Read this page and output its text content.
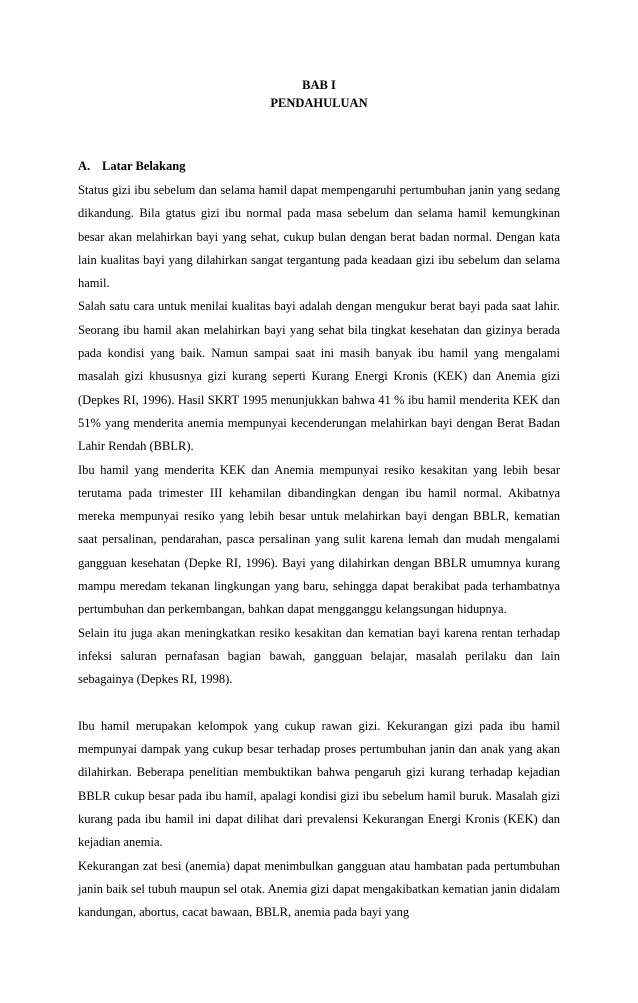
BAB I
PENDAHULUAN
A. Latar Belakang

Status gizi ibu sebelum dan selama hamil dapat mempengaruhi pertumbuhan janin yang sedang dikandung. Bila gtatus gizi ibu normal pada masa sebelum dan selama hamil kemungkinan besar akan melahirkan bayi yang sehat, cukup bulan dengan berat badan normal. Dengan kata lain kualitas bayi yang dilahirkan sangat tergantung pada keadaan gizi ibu sebelum dan selama hamil.

Salah satu cara untuk menilai kualitas bayi adalah dengan mengukur berat bayi pada saat lahir. Seorang ibu hamil akan melahirkan bayi yang sehat bila tingkat kesehatan dan gizinya berada pada kondisi yang baik. Namun sampai saat ini masih banyak ibu hamil yang mengalami masalah gizi khususnya gizi kurang seperti Kurang Energi Kronis (KEK) dan Anemia gizi (Depkes RI, 1996). Hasil SKRT 1995 menunjukkan bahwa 41 % ibu hamil menderita KEK dan 51% yang menderita anemia mempunyai kecenderungan melahirkan bayi dengan Berat Badan Lahir Rendah (BBLR).

Ibu hamil yang menderita KEK dan Anemia mempunyai resiko kesakitan yang lebih besar terutama pada trimester III kehamilan dibandingkan dengan ibu hamil normal. Akibatnya mereka mempunyai resiko yang lebih besar untuk melahirkan bayi dengan BBLR, kematian saat persalinan, pendarahan, pasca persalinan yang sulit karena lemah dan mudah mengalami gangguan kesehatan (Depke RI, 1996). Bayi yang dilahirkan dengan BBLR umumnya kurang mampu meredam tekanan lingkungan yang baru, sehingga dapat berakibat pada terhambatnya pertumbuhan dan perkembangan, bahkan dapat mengganggu kelangsungan hidupnya.

Selain itu juga akan meningkatkan resiko kesakitan dan kematian bayi karena rentan terhadap infeksi saluran pernafasan bagian bawah, gangguan belajar, masalah perilaku dan lain sebagainya (Depkes RI, 1998).

Ibu hamil merupakan kelompok yang cukup rawan gizi. Kekurangan gizi pada ibu hamil mempunyai dampak yang cukup besar terhadap proses pertumbuhan janin dan anak yang akan dilahirkan. Beberapa penelitian membuktikan bahwa pengaruh gizi kurang terhadap kejadian BBLR cukup besar pada ibu hamil, apalagi kondisi gizi ibu sebelum hamil buruk. Masalah gizi kurang pada ibu hamil ini dapat dilihat dari prevalensi Kekurangan Energi Kronis (KEK) dan kejadian anemia.

Kekurangan zat besi (anemia) dapat menimbulkan gangguan atau hambatan pada pertumbuhan janin baik sel tubuh maupun sel otak. Anemia gizi dapat mengakibatkan kematian janin didalam kandungan, abortus, cacat bawaan, BBLR, anemia pada bayi yang
